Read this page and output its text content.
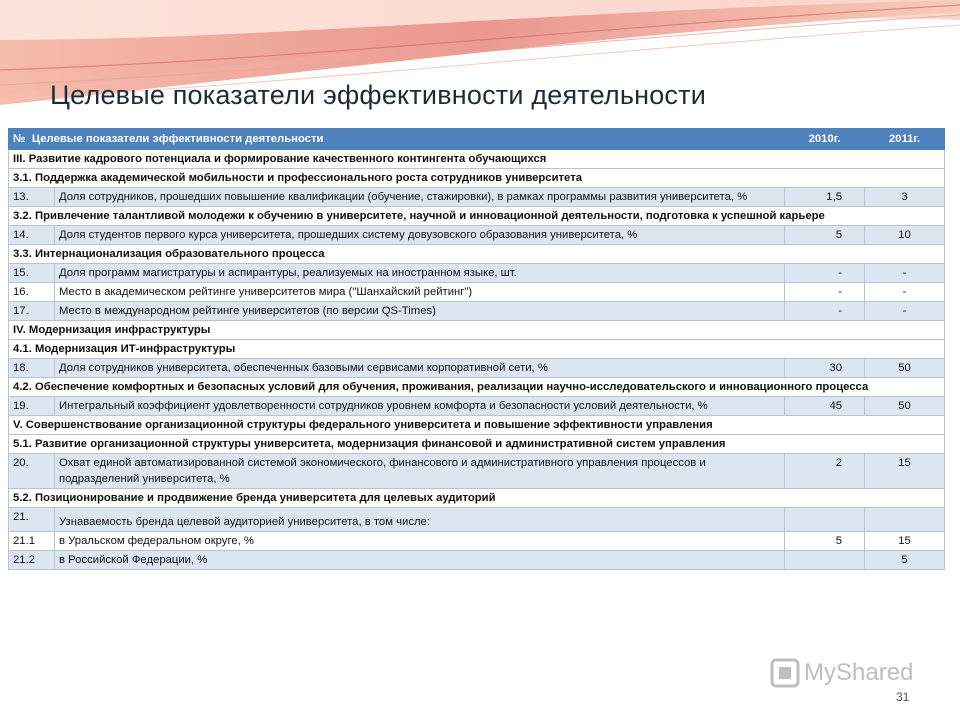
Целевые показатели эффективности деятельности
№ Целевые показатели эффективности деятельности		2010г.	2011г.
III. Развитие кадрового потенциала и формирование качественного контингента обучающихся			
3.1. Поддержка академической мобильности и профессионального роста сотрудников университета			
13.	Доля сотрудников, прошедших повышение квалификации (обучение, стажировки), в рамках программы развития университета, %	1,5	3
3.2. Привлечение талантливой молодежи к обучению в университете, научной и инновационной деятельности, подготовка к успешной карьере			
14.	Доля студентов первого курса университета, прошедших систему довузовского образования университета, %	5	10
3.3. Интернационализация образовательного процесса			
15.	Доля программ магистратуры и аспирантуры, реализуемых на иностранном языке, шт.	-	-
16.	Место в академическом рейтинге университетов мира ("Шанхайский рейтинг")	-	-
17.	Место в международном рейтинге университетов (по версии QS-Times)	-	-
IV. Модернизация инфраструктуры			
4.1. Модернизация ИТ-инфраструктуры			
18.	Доля сотрудников университета, обеспеченных базовыми сервисами корпоративной сети, %	30	50
4.2. Обеспечение комфортных и безопасных условий для обучения, проживания, реализации научно-исследовательского и инновационного процесса			
19.	Интегральный коэффициент удовлетворенности сотрудников уровнем комфорта и безопасности условий деятельности, %	45	50
V. Совершенствование организационной структуры федерального университета и повышение эффективности управления			
5.1. Развитие организационной структуры университета, модернизация финансовой и административной систем управления			
20.	Охват единой автоматизированной системой экономического, финансового и административного управления процессов и подразделений университета, %	2	15
5.2. Позиционирование и продвижение бренда университета для целевых аудиторий			
21.	Узнаваемость бренда целевой аудиторией университета, в том числе:		
21.1	в Уральском федеральном округе, %	5	15
21.2	в Российской Федерации, %		5
MyShared
31
